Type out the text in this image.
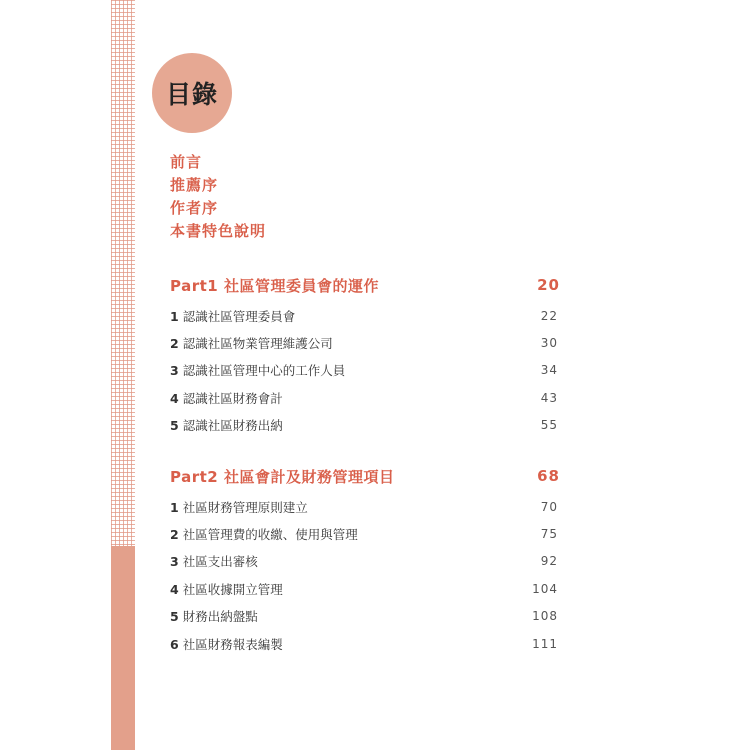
目錄
前言
推薦序
作者序
本書特色說明
Part1 社區管理委員會的運作	20
1 認識社區管理委員會	22
2 認識社區物業管理維護公司	30
3 認識社區管理中心的工作人員	34
4 認識社區財務會計	43
5 認識社區財務出納	55
Part2 社區會計及財務管理項目	68
1 社區財務管理原則建立	70
2 社區管理費的收繳、使用與管理	75
3 社區支出審核	92
4 社區收據開立管理	104
5 財務出納盤點	108
6 社區財務報表編製	111
